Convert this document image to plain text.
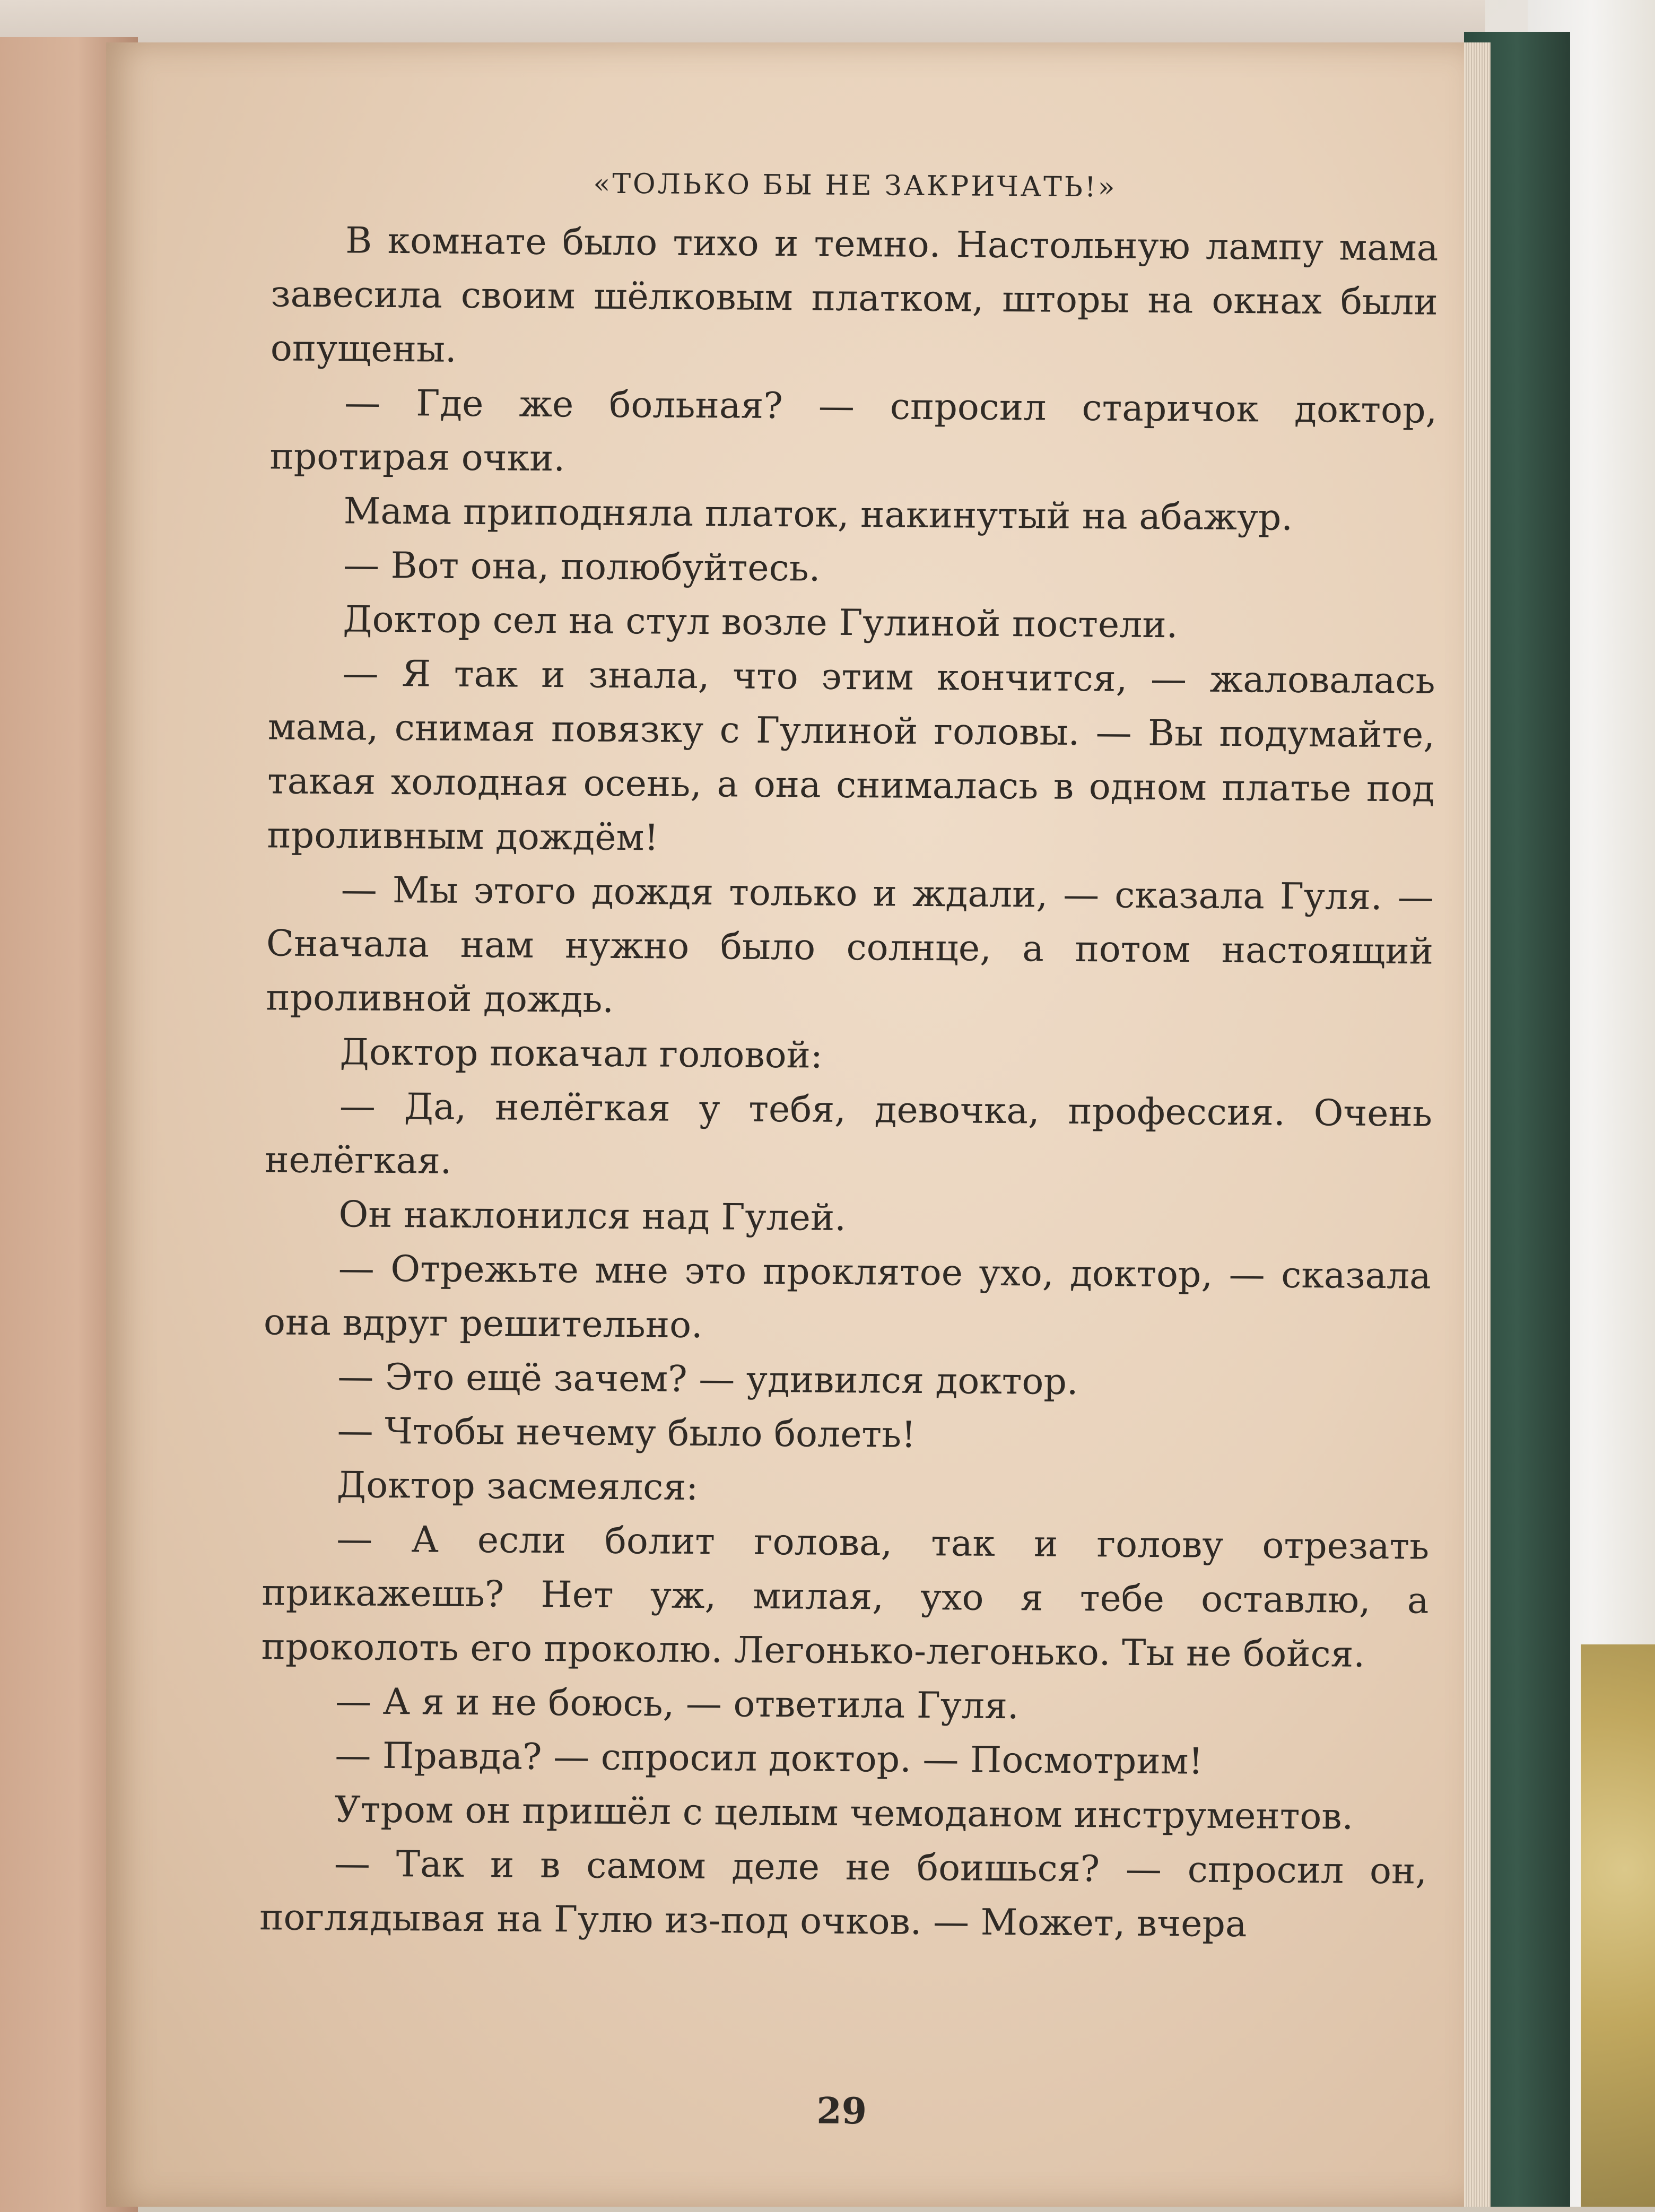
«ТОЛЬКО БЫ НЕ ЗАКРИЧАТЬ!»

В комнате было тихо и темно. Настольную лампу мама завесила своим шёлковым платком, шторы на окнах были опущены.

— Где же больная? — спросил старичок доктор, протирая очки.

Мама приподняла платок, накинутый на абажур.

— Вот она, полюбуйтесь.

Доктор сел на стул возле Гулиной постели.

— Я так и знала, что этим кончится, — жаловалась мама, снимая повязку с Гулиной головы. — Вы подумайте, такая холодная осень, а она снималась в одном платье под проливным дождём!

— Мы этого дождя только и ждали, — сказала Гуля. — Сначала нам нужно было солнце, а потом настоящий проливной дождь.

Доктор покачал головой:

— Да, нелёгкая у тебя, девочка, профессия. Очень нелёгкая.

Он наклонился над Гулей.

— Отрежьте мне это проклятое ухо, доктор, — сказала она вдруг решительно.

— Это ещё зачем? — удивился доктор.

— Чтобы нечему было болеть!

Доктор засмеялся:

— А если болит голова, так и голову отрезать прикажешь? Нет уж, милая, ухо я тебе оставлю, а проколоть его проколю. Легонько-легонько. Ты не бойся.

— А я и не боюсь, — ответила Гуля.

— Правда? — спросил доктор. — Посмотрим!

Утром он пришёл с целым чемоданом инструментов.

— Так и в самом деле не боишься? — спросил он, поглядывая на Гулю из-под очков. — Может, вчера

29
